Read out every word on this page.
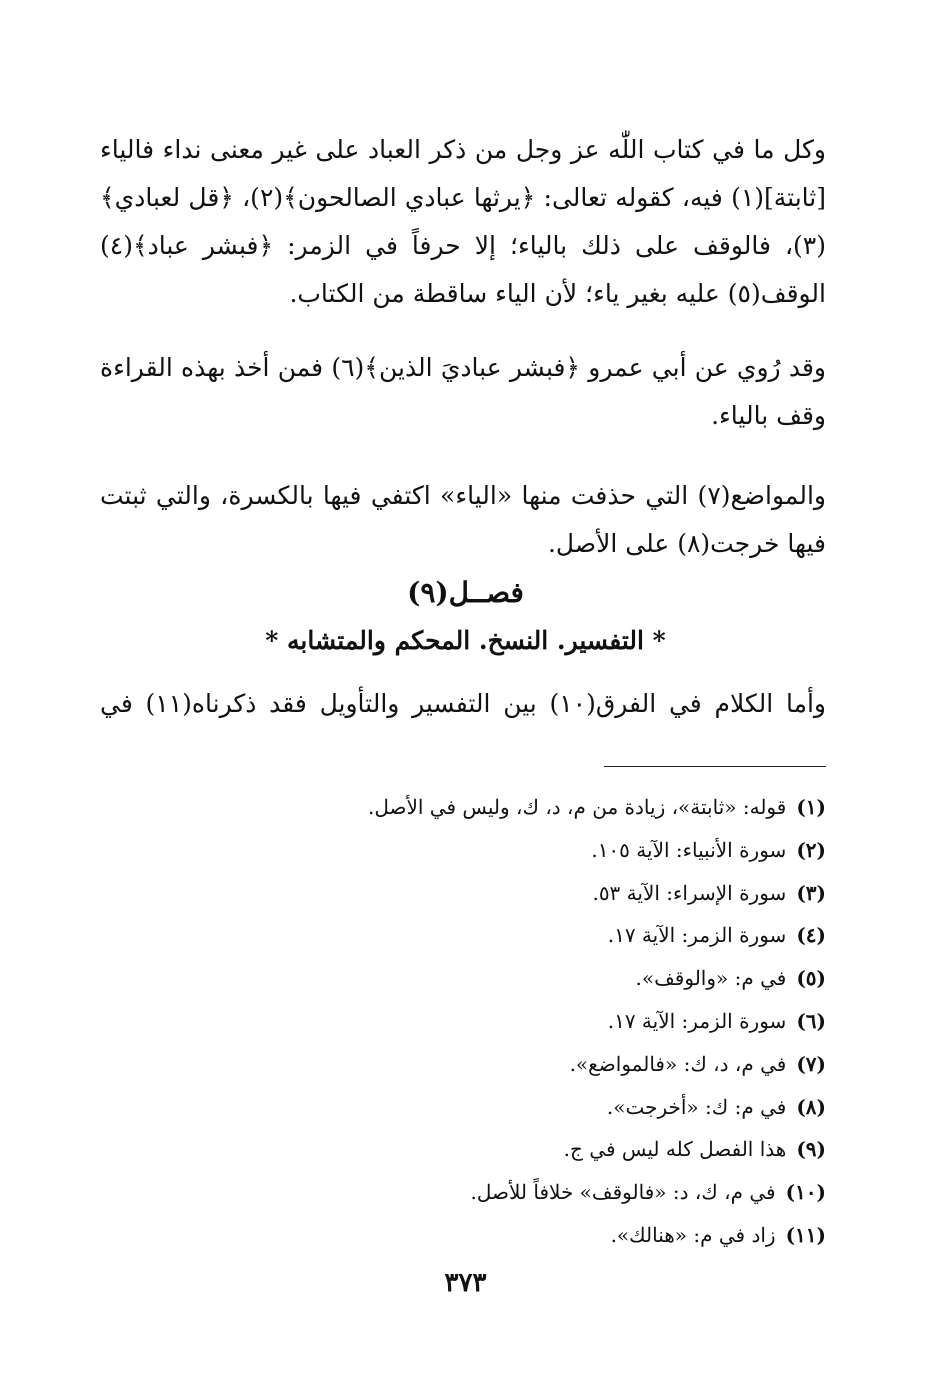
وكل ما في كتاب اللّٰه عز وجل من ذكر العباد على غير معنى نداء فالياء [ثابتة](١) فيه، كقوله تعالى: ﴿يرثها عبادي الصالحون﴾(٢)، ﴿قل لعبادي﴾(٣)، فالوقف على ذلك بالياء؛ إلا حرفاً في الزمر: ﴿فبشر عباد﴾(٤) الوقف(٥) عليه بغير ياء؛ لأن الياء ساقطة من الكتاب.
وقد رُوي عن أبي عمرو ﴿فبشر عباديَ الذين﴾(٦) فمن أخذ بهذه القراءة وقف بالياء.
والمواضع(٧) التي حذفت منها «الياء» اكتفي فيها بالكسرة، والتي ثبتت فيها خرجت(٨) على الأصل.
فصــل(٩)
* التفسير. النسخ. المحكم والمتشابه *
وأما الكلام في الفرق(١٠) بين التفسير والتأويل فقد ذكرناه(١١) في
(١)قوله: «ثابتة»، زيادة من م، د، ك، وليس في الأصل.
(٢)سورة الأنبياء: الآية ١٠٥.
(٣)سورة الإسراء: الآية ٥٣.
(٤)سورة الزمر: الآية ١٧.
(٥)في م: «والوقف».
(٦)سورة الزمر: الآية ١٧.
(٧)في م، د، ك: «فالمواضع».
(٨)في م: ك: «أخرجت».
(٩)هذا الفصل كله ليس في ج.
(١٠)في م، ك، د: «فالوقف» خلافاً للأصل.
(١١)زاد في م: «هنالك».
٣٧٣
